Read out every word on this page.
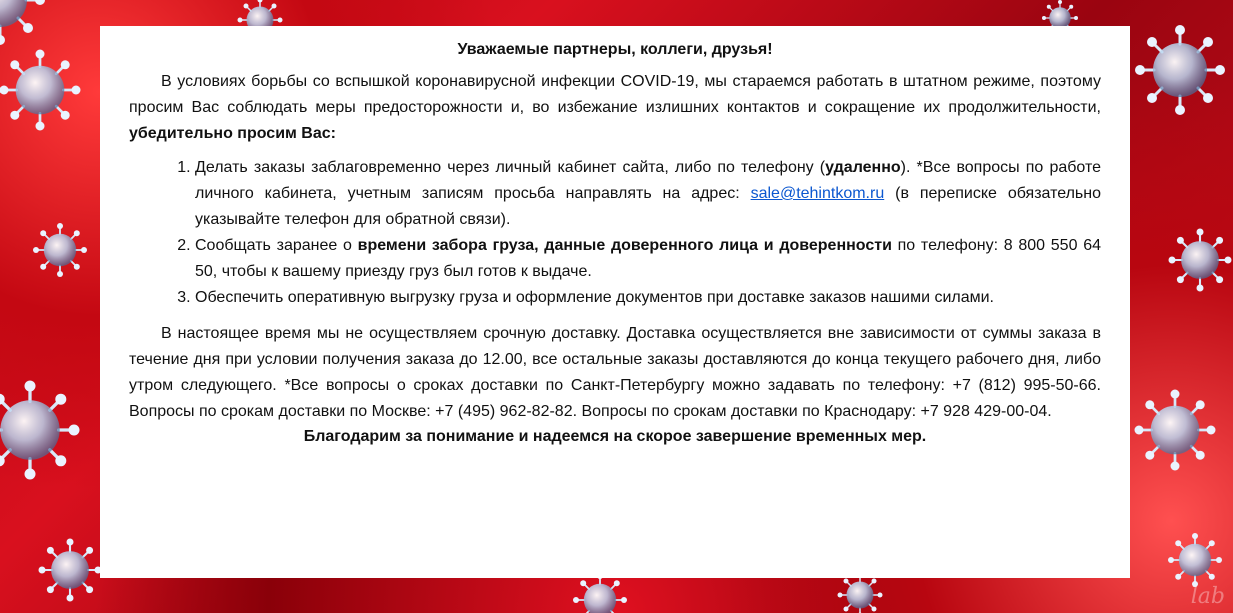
Уважаемые партнеры, коллеги, друзья!

В условиях борьбы со вспышкой коронавирусной инфекции COVID-19, мы стараемся работать в штатном режиме, поэтому просим Вас соблюдать меры предосторожности и, во избежание излишних контактов и сокращение их продолжительности, убедительно просим Вас:

1. Делать заказы заблаговременно через личный кабинет сайта, либо по телефону (удаленно). *Все вопросы по работе личного кабинета, учетным записям просьба направлять на адрес: sale@tehintkom.ru (в переписке обязательно указывайте телефон для обратной связи).
2. Сообщать заранее о времени забора груза, данные доверенного лица и доверенности по телефону: 8 800 550 64 50, чтобы к вашему приезду груз был готов к выдаче.
3. Обеспечить оперативную выгрузку груза и оформление документов при доставке заказов нашими силами.

В настоящее время мы не осуществляем срочную доставку. Доставка осуществляется вне зависимости от суммы заказа в течение дня при условии получения заказа до 12.00, все остальные заказы доставляются до конца текущего рабочего дня, либо утром следующего. *Все вопросы о сроках доставки по Санкт-Петербургу можно задавать по телефону: +7 (812) 995-50-66. Вопросы по срокам доставки по Москве: +7 (495) 962-82-82. Вопросы по срокам доставки по Краснодару: +7 928 429-00-04.

Благодарим за понимание и надеемся на скорое завершение временных мер.
lab
